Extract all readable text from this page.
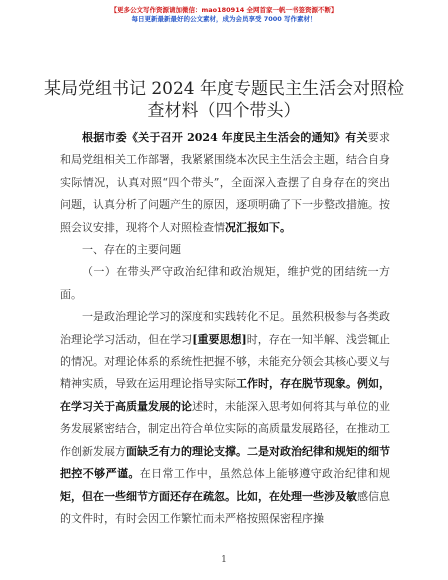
【更多公文写作资源请加微信：mao180914 全网首家一帆一书签资源不断】
每日更新最新最好的公文素材，成为会员享受 7000 写作素材！
某局党组书记 2024 年度专题民主生活会对照检
查材料（四个带头）

根据市委《关于召开 2024 年度民主生活会的通知》有关要求和局党组相关工作部署，我紧紧围绕本次民主生活会主题，结合自身实际情况，认真对照“四个带头”，全面深入查摆了自身存在的突出问题，认真分析了问题产生的原因，逐项明确了下一步整改措施。按照会议安排，现将个人对照检查情况汇报如下。

一、存在的主要问题

（一）在带头严守政治纪律和政治规矩，维护党的团结统一方面。

一是政治理论学习的深度和实践转化不足。虽然积极参与各类政治理论学习活动，但在学习[重要思想]时，存在一知半解、浅尝辄止的情况。对理论体系的系统性把握不够，未能充分领会其核心要义与精神实质，导致在运用理论指导实际工作时，存在脱节现象。例如，在学习关于高质量发展的论述时，未能深入思考如何将其与单位的业务发展紧密结合，制定出符合单位实际的高质量发展路径，在推动工作创新发展方面缺乏有力的理论支撑。二是对政治纪律和规矩的细节把控不够严谨。在日常工作中，虽然总体上能够遵守政治纪律和规矩，但在一些细节方面还存在疏忽。比如，在处理一些涉及敏感信息的文件时，有时会因工作繁忙而未严格按照保密程序操

1
